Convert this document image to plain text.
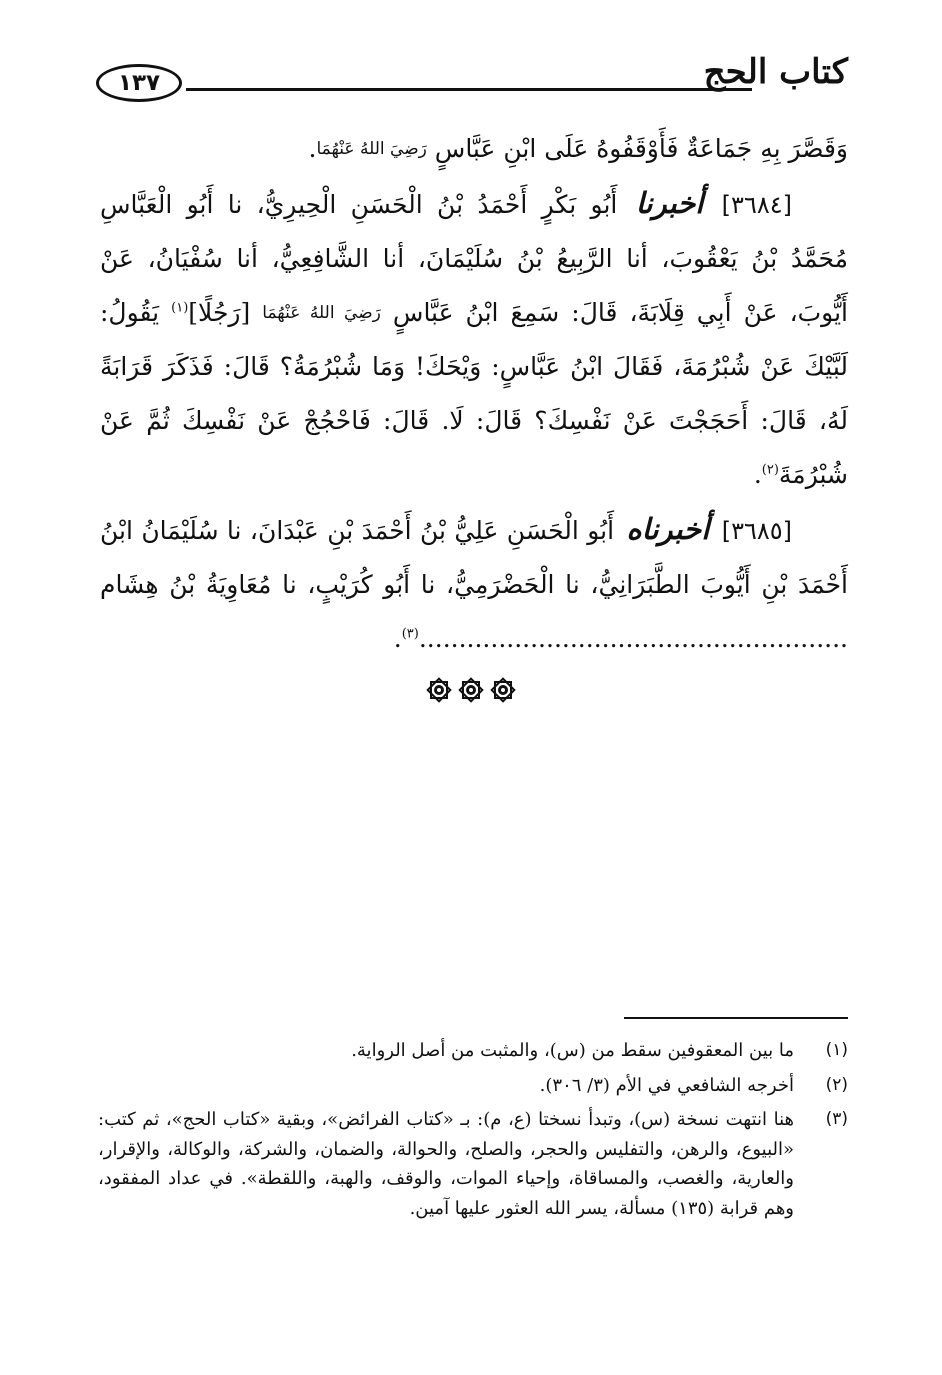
كتاب الحج
١٣٧

وَقَصَّرَ بِهِ جَمَاعَةٌ فَأَوْقَفُوهُ عَلَى ابْنِ عَبَّاسٍ رَضِيَ اللهُ عَنْهُمَا.

[٣٦٨٤] أخبرنا أَبُو بَكْرٍ أَحْمَدُ بْنُ الْحَسَنِ الْحِيرِيُّ، نا أَبُو الْعَبَّاسِ مُحَمَّدُ بْنُ يَعْقُوبَ، أنا الرَّبِيعُ بْنُ سُلَيْمَانَ، أنا الشَّافِعِيُّ، أنا سُفْيَانُ، عَنْ أَيُّوبَ، عَنْ أَبِي قِلَابَةَ، قَالَ: سَمِعَ ابْنُ عَبَّاسٍ رَضِيَ اللهُ عَنْهُمَا [رَجُلًا]$^{(١)}$ يَقُولُ: لَبَّيْكَ عَنْ شُبْرُمَةَ، فَقَالَ ابْنُ عَبَّاسٍ: وَيْحَكَ! وَمَا شُبْرُمَةُ؟ قَالَ: فَذَكَرَ قَرَابَةً لَهُ، قَالَ: أَحَجَجْتَ عَنْ نَفْسِكَ؟ قَالَ: لَا. قَالَ: فَاحْجُجْ عَنْ نَفْسِكَ ثُمَّ عَنْ شُبْرُمَةَ$^{(٢)}$.

[٣٦٨٥] أخبرناه أَبُو الْحَسَنِ عَلِيُّ بْنُ أَحْمَدَ بْنِ عَبْدَانَ، نا سُلَيْمَانُ ابْنُ أَحْمَدَ بْنِ أَيُّوبَ الطَّبَرَانِيُّ، نا الْحَضْرَمِيُّ، نا أَبُو كُرَيْبٍ، نا مُعَاوِيَةُ بْنُ هِشَام ......................................................$^{(٣)}$.

(١)
ما بين المعقوفين سقط من (س)، والمثبت من أصل الرواية.
(٢)
أخرجه الشافعي في الأم (٣/ ٣٠٦).
(٣)
هنا انتهت نسخة (س)، وتبدأ نسختا (ع، م): بـ «كتاب الفرائض»، وبقية «كتاب الحج»، ثم كتب: «البيوع، والرهن، والتفليس والحجر، والصلح، والحوالة، والضمان، والشركة، والوكالة، والإقرار، والعارية، والغصب، والمساقاة، وإحياء الموات، والوقف، والهبة، واللقطة». في عداد المفقود، وهم قرابة (١٣٥) مسألة، يسر الله العثور عليها آمين.
